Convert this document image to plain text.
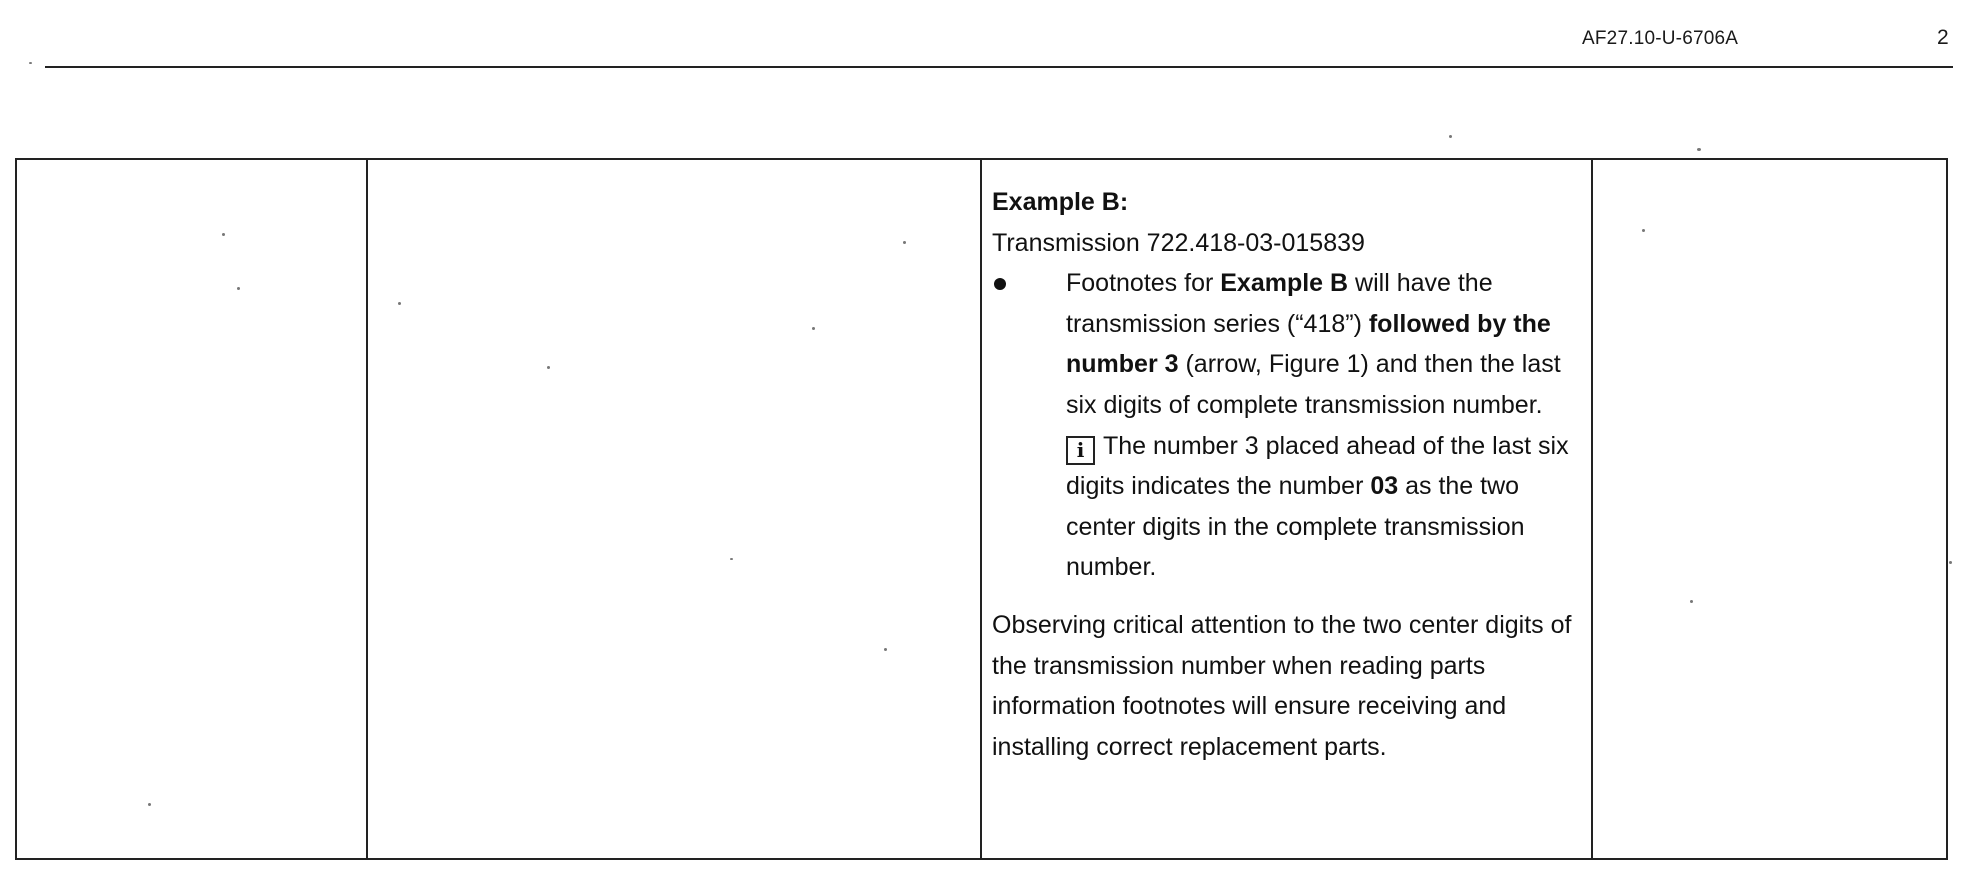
AF27.10-U-6706A	2

Example B:

Transmission 722.418-03-015839

Footnotes for Example B will have the transmission series (“418”) followed by the number 3 (arrow, Figure 1) and then the last six digits of complete transmission number.
i The number 3 placed ahead of the last six digits indicates the number 03 as the two center digits in the complete transmission number.

Observing critical attention to the two center digits of the transmission number when reading parts information footnotes will ensure receiving and installing correct replacement parts.
